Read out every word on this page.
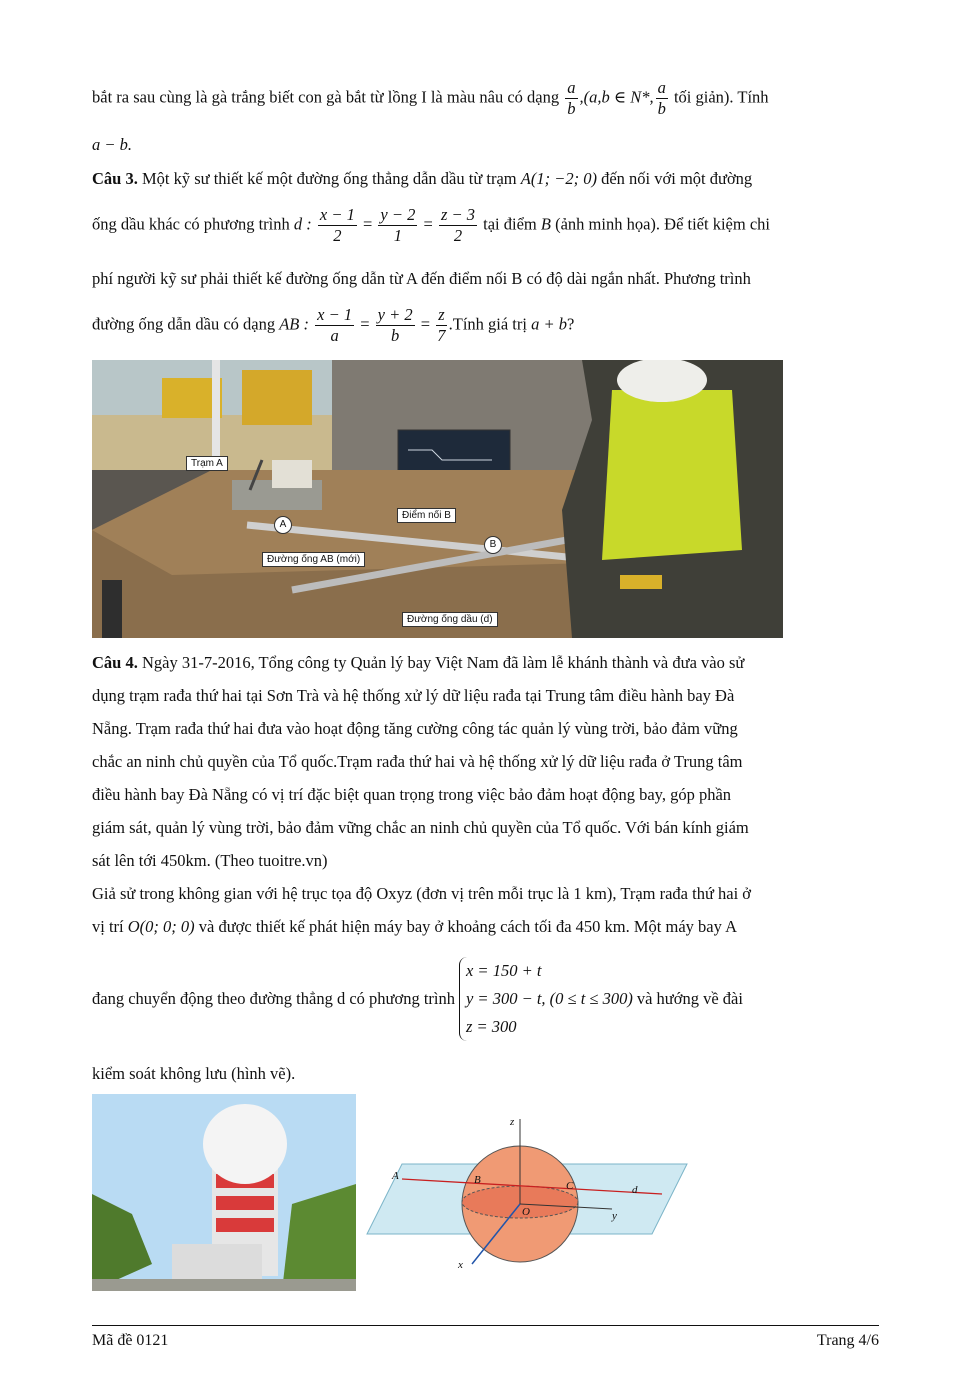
bắt ra sau cùng là gà trắng biết con gà bắt từ lồng I là màu nâu có dạng $\frac{a}{b} ,(a,b$ ∈ N*, $\frac{a}{b}$ tối giản). Tính

a − b.

Câu 3. Một kỹ sư thiết kế một đường ống thẳng dẫn dầu từ trạm A(1; −2; 0) đến nối với một đường

ống dầu khác có phương trình d : $\frac{x - 1}{2} = \frac{y - 2}{1} = \frac{z - 3}{2}$ tại điểm B (ảnh minh họa). Để tiết kiệm chi

phí người kỹ sư phải thiết kế đường ống dẫn từ A đến điểm nối B có độ dài ngắn nhất. Phương trình

đường ống dẫn dầu có dạng AB : $\frac{x - 1}{a} = \frac{y + 2}{b} = \frac{z}{7}$ .Tính giá trị a + b?

Trạm A
Điểm nối B
Đường ống AB (mới)
Đường ống dầu (d)
A
B

Câu 4. Ngày 31-7-2016, Tổng công ty Quản lý bay Việt Nam đã làm lễ khánh thành và đưa vào sử

dụng trạm rađa thứ hai tại Sơn Trà và hệ thống xử lý dữ liệu rađa tại Trung tâm điều hành bay Đà

Nẵng. Trạm rađa thứ hai đưa vào hoạt động tăng cường công tác quản lý vùng trời, bảo đảm vững

chắc an ninh chủ quyền của Tổ quốc.Trạm rađa thứ hai và hệ thống xử lý dữ liệu rađa ở Trung tâm

điều hành bay Đà Nẵng có vị trí đặc biệt quan trọng trong việc bảo đảm hoạt động bay, góp phần

giám sát, quản lý vùng trời, bảo đảm vững chắc an ninh chủ quyền của Tổ quốc. Với bán kính giám

sát lên tới 450km. (Theo tuoitre.vn)

Giả sử trong không gian với hệ trục tọa độ Oxyz (đơn vị trên mỗi trục là 1 km), Trạm rađa thứ hai ở

vị trí O(0; 0; 0) và được thiết kế phát hiện máy bay ở khoảng cách tối đa 450 km. Một máy bay A

đang chuyển động theo đường thẳng d có phương trình
x = 150 + t
y = 300 − t, (0 ≤ t ≤ 300)
z = 300
và hướng về đài

kiểm soát không lưu (hình vẽ).

z
y
x
A	B	C	d
O
Mã đề 0121	Trang 4/6
